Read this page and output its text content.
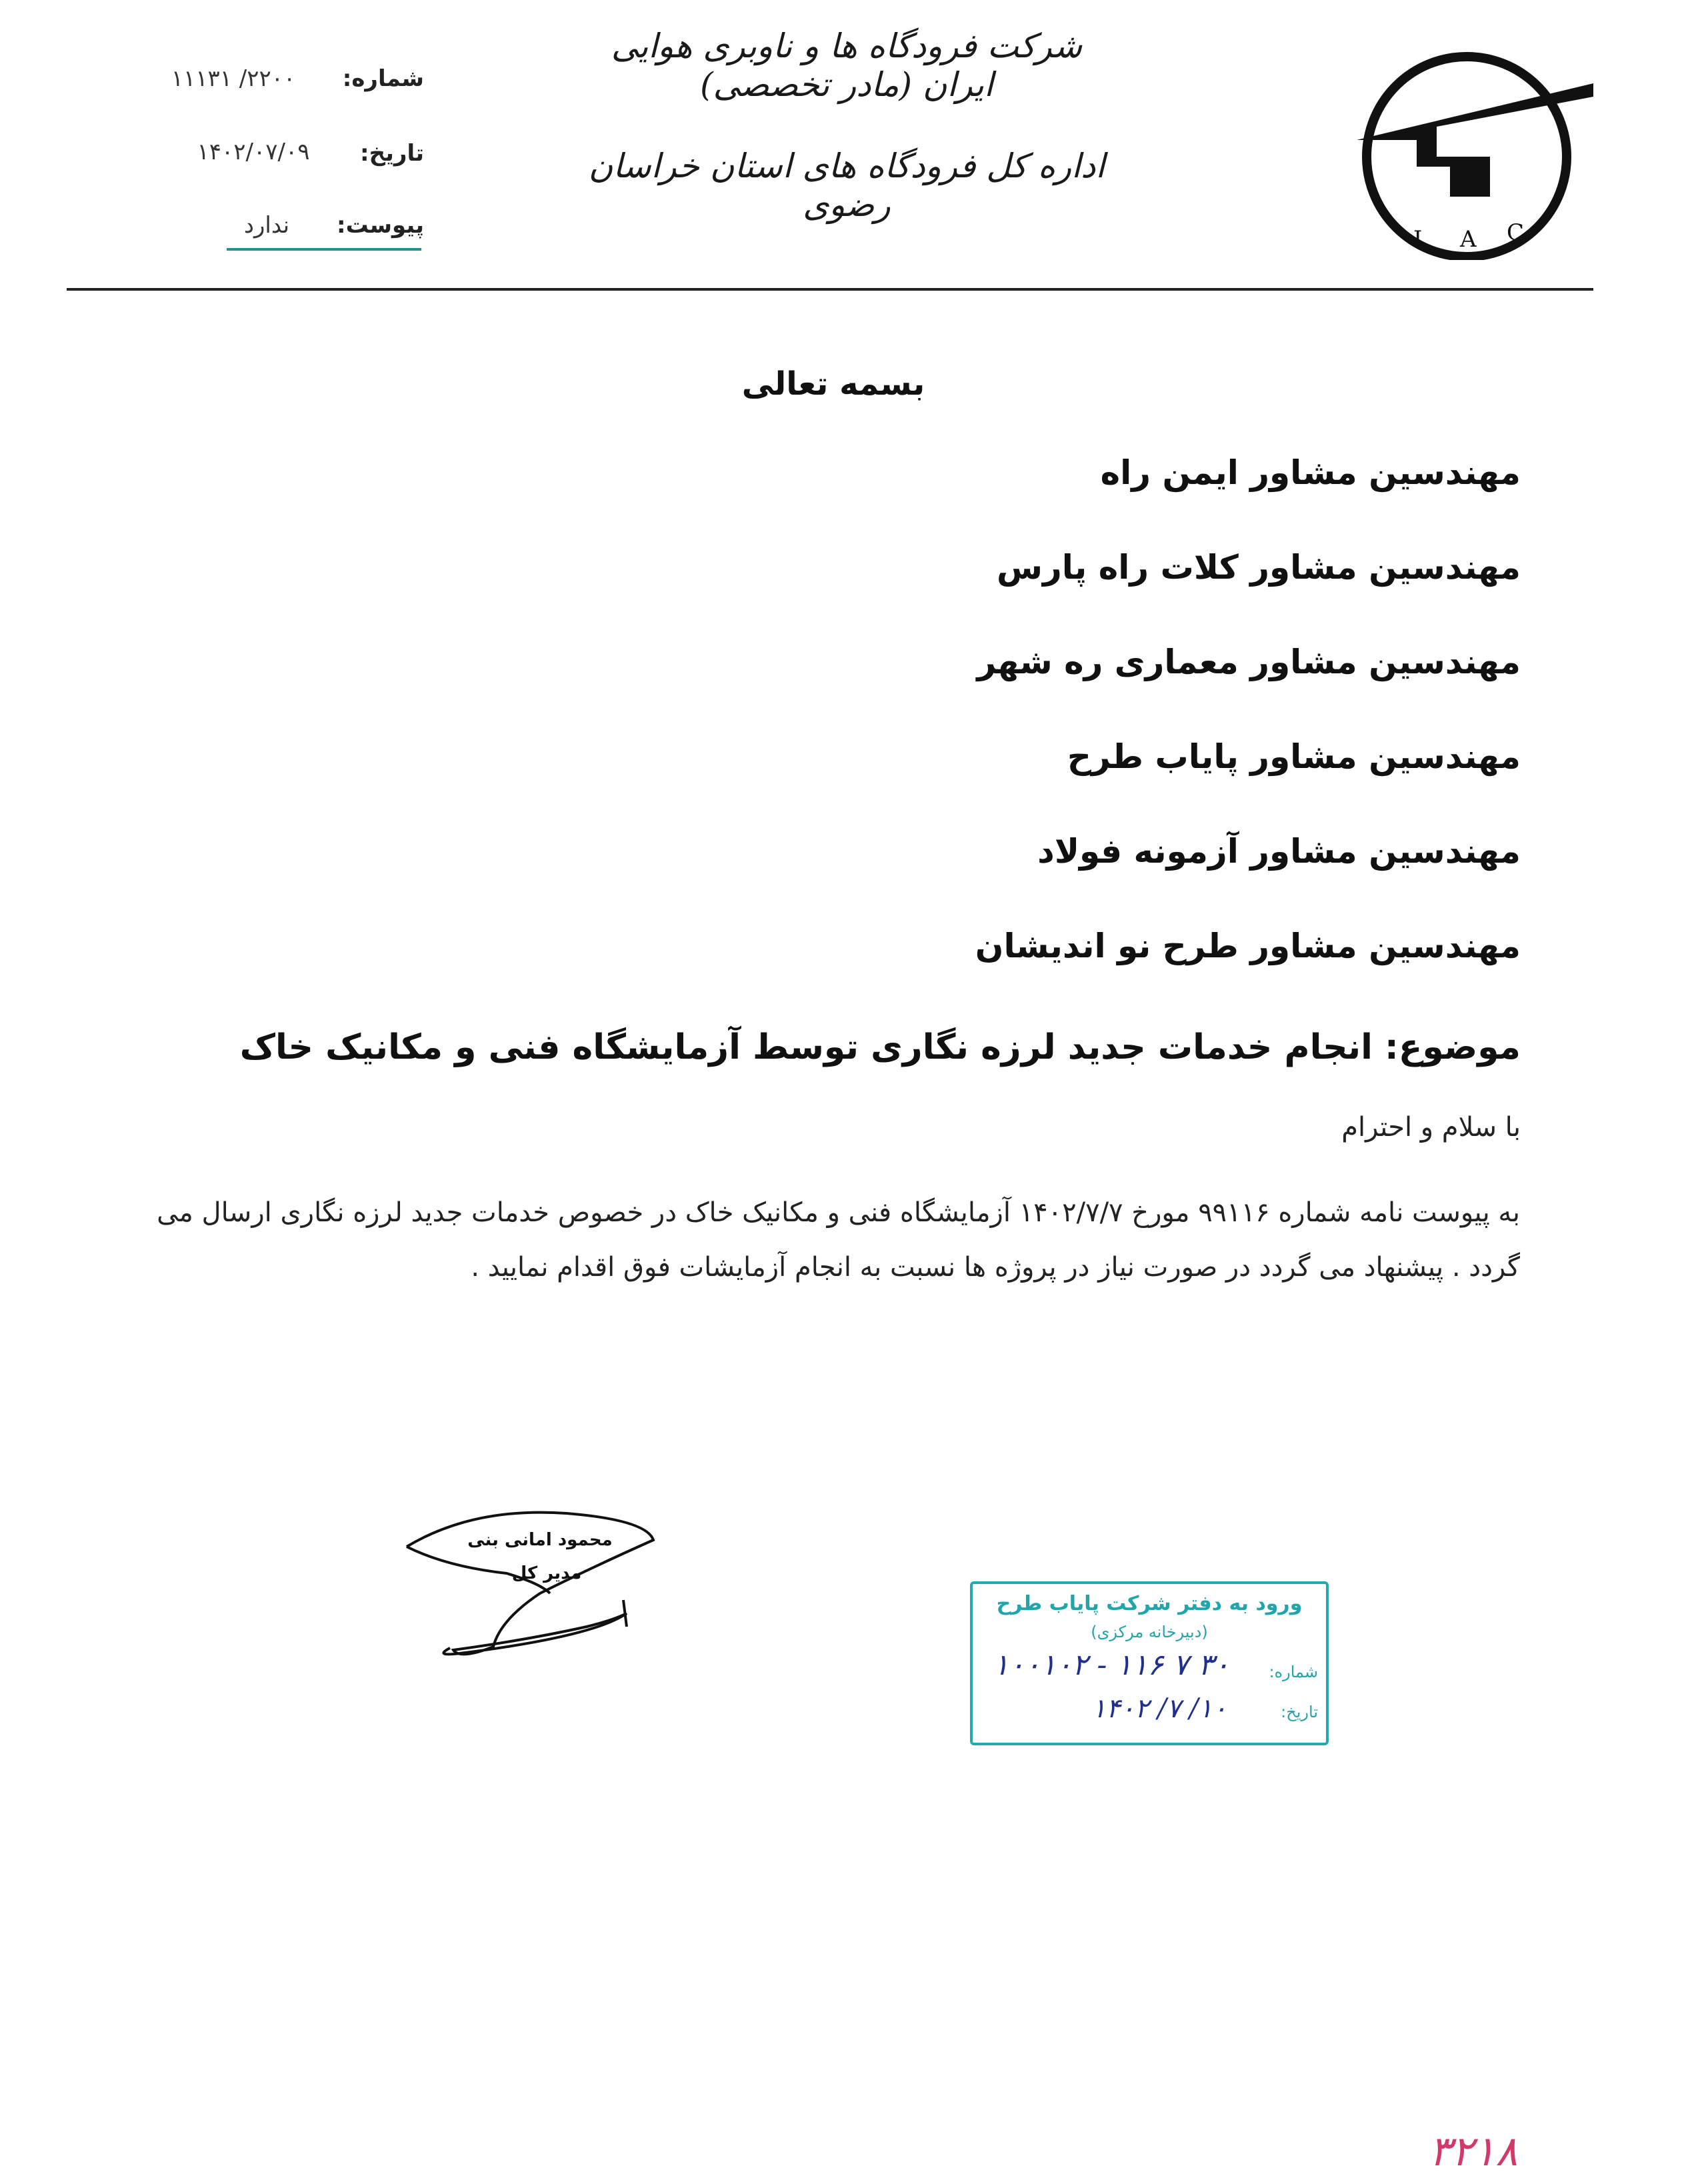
شرکت فرودگاه ها و ناوبری هوایی ایران (مادر تخصصی)
اداره کل فرودگاه های استان خراسان رضوی
I A C
شماره:
۲۲۰۰/ ۱۱۱۳۱
تاریخ:
۱۴۰۲/۰۷/۰۹
پیوست:
ندارد
بسمه تعالی
مهندسین مشاور ایمن راه
مهندسین مشاور کلات راه پارس
مهندسین مشاور معماری ره شهر
مهندسین مشاور پایاب طرح
مهندسین مشاور آزمونه فولاد
مهندسین مشاور طرح نو اندیشان
موضوع: انجام خدمات جدید لرزه نگاری توسط آزمایشگاه فنی و مکانیک خاک
با سلام و احترام
به پیوست نامه شماره ۹۹۱۱۶ مورخ ۱۴۰۲/۷/۷ آزمایشگاه فنی و مکانیک خاک در خصوص خدمات جدید لرزه نگاری ارسال می گردد . پیشنهاد می گردد در صورت نیاز در پروژه ها نسبت به انجام آزمایشات فوق اقدام نمایید .
محمود امانی بنی
مدیر کل
ورود به دفتر شرکت پایاب طرح
(دبیرخانه مرکزی)
شماره:
۳۰ ۷ ۱۱۶ - ۱۰۰۱۰۲
تاریخ:
۱۰/ ۷/ ۱۴۰۲
۳۲۱۸
